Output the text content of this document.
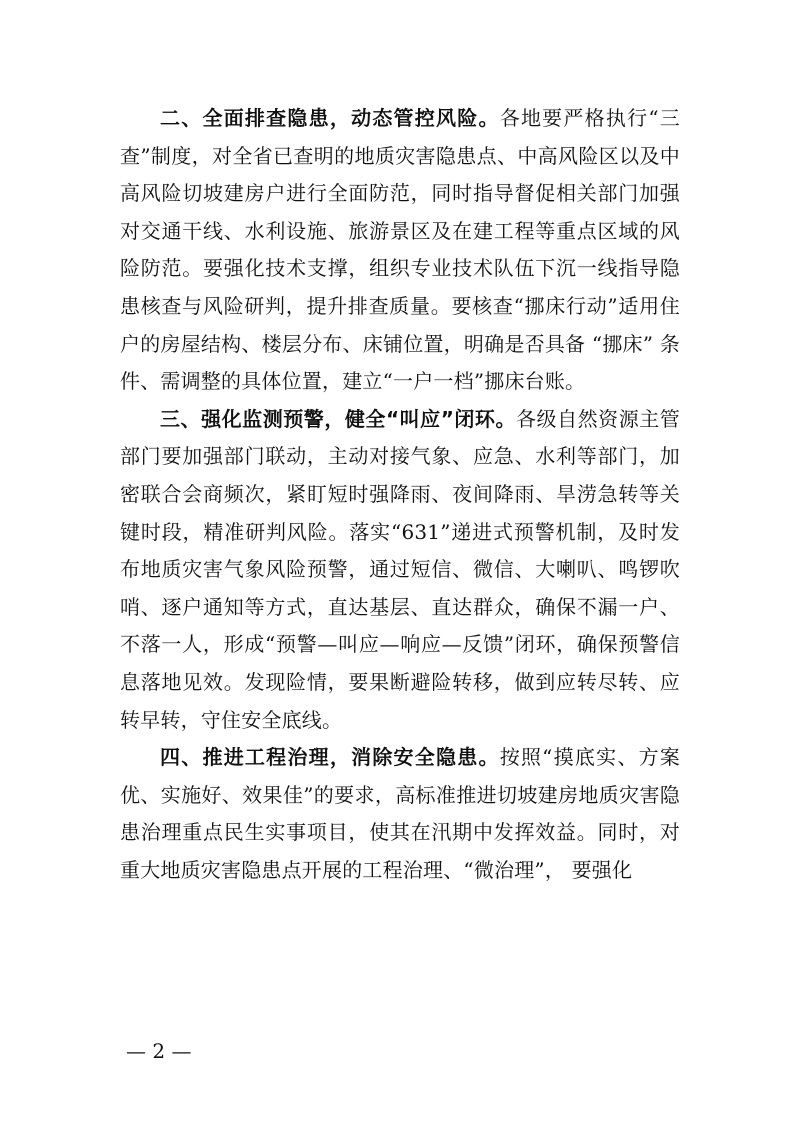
二、全面排查隐患，动态管控风险。各地要严格执行“三查”制度，对全省已查明的地质灾害隐患点、中高风险区以及中高风险切坡建房户进行全面防范，同时指导督促相关部门加强对交通干线、水利设施、旅游景区及在建工程等重点区域的风险防范。要强化技术支撑，组织专业技术队伍下沉一线指导隐患核查与风险研判，提升排查质量。要核查“挪床行动”适用住户的房屋结构、楼层分布、床铺位置，明确是否具备 “挪床” 条件、需调整的具体位置，建立“一户一档”挪床台账。

三、强化监测预警，健全“叫应”闭环。各级自然资源主管部门要加强部门联动，主动对接气象、应急、水利等部门，加密联合会商频次，紧盯短时强降雨、夜间降雨、旱涝急转等关键时段，精准研判风险。落实“631”递进式预警机制，及时发布地质灾害气象风险预警，通过短信、微信、大喇叭、鸣锣吹哨、逐户通知等方式，直达基层、直达群众，确保不漏一户、不落一人，形成“预警—叫应—响应—反馈”闭环，确保预警信息落地见效。发现险情，要果断避险转移，做到应转尽转、应转早转，守住安全底线。

四、推进工程治理，消除安全隐患。按照“摸底实、方案优、实施好、效果佳”的要求，高标准推进切坡建房地质灾害隐患治理重点民生实事项目，使其在汛期中发挥效益。同时，对重大地质灾害隐患点开展的工程治理、“微治理”， 要强化

— 2 —
